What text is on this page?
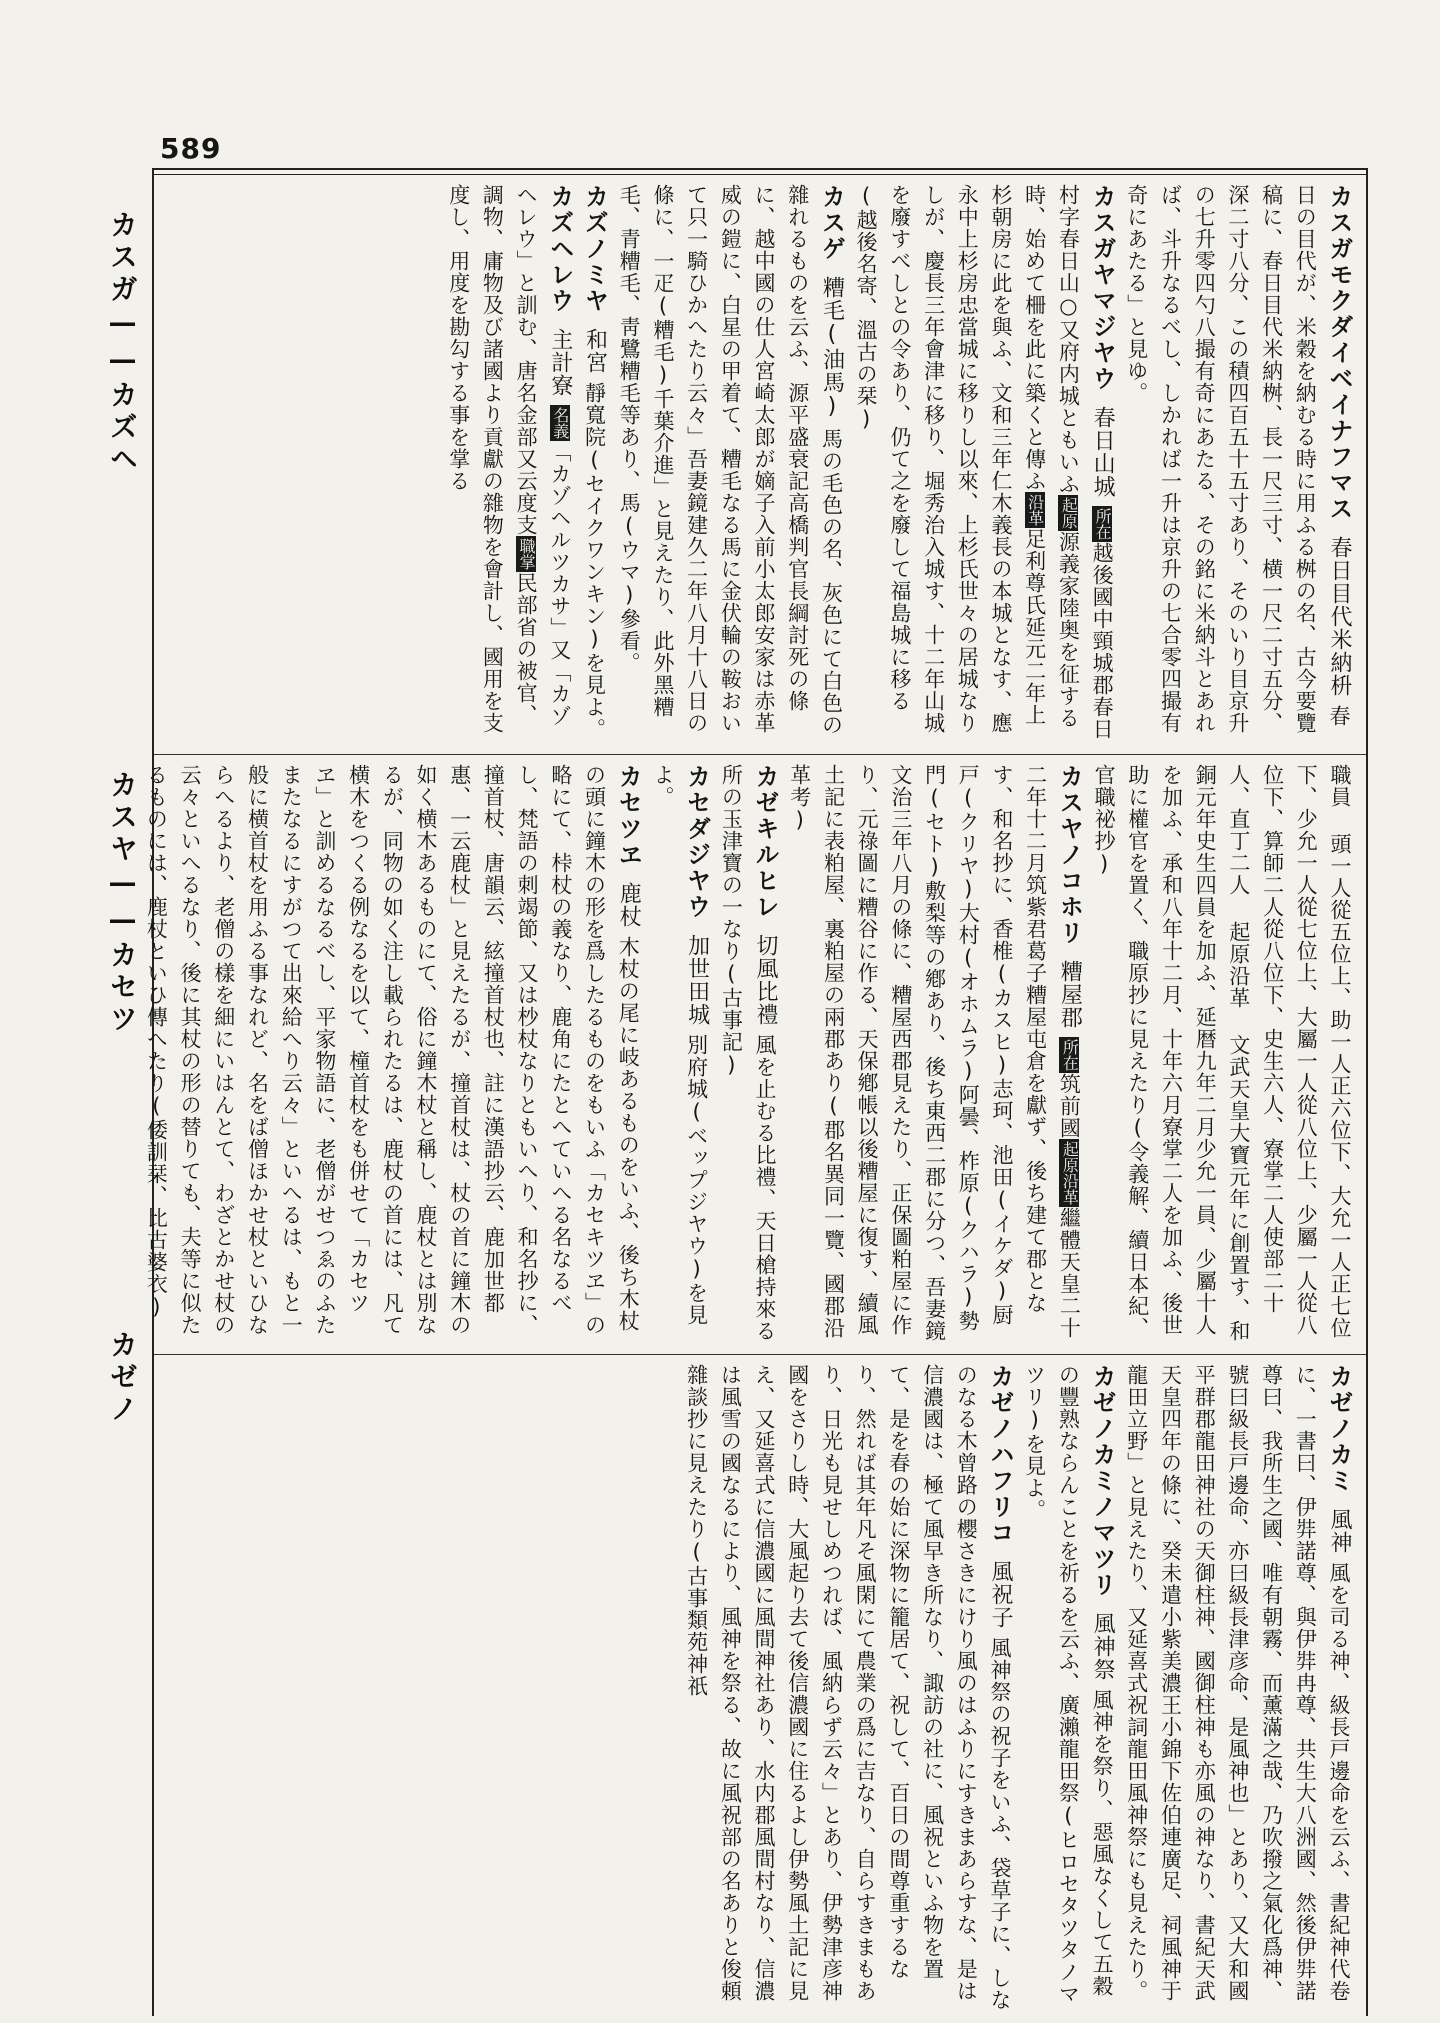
589
カスガ——カズヘ
カスヤ——カセツ
カゼノ
カスガモクダイベイナフマス春日目代米納枡春日の目代が、米穀を納むる時に用ふる桝の名、古今要覽稿に、春日目代米納桝、長一尺三寸、横一尺二寸五分、深二寸八分、この積四百五十五寸あり、そのいり目京升の七升零四勺八撮有奇にあたる、その銘に米納斗とあれば、斗升なるべし、しかれば一升は京升の七合零四撮有奇にあたる」と見ゆ。
カスガヤマジヤウ春日山城所在越後國中頸城郡春日村字春日山○又府内城ともいふ起原源義家陸奥を征する時、始めて柵を此に築くと傳ふ沿革足利尊氏延元二年上杉朝房に此を與ふ、文和三年仁木義長の本城となす、應永中上杉房忠當城に移りし以來、上杉氏世々の居城なりしが、慶長三年會津に移り、堀秀治入城す、十二年山城を廢すべしとの令あり、仍て之を廢して福島城に移る(越後名寄、溫古の栞)
カスゲ糟毛(油馬)馬の毛色の名、灰色にて白色の雜れるものを云ふ、源平盛衰記高橋判官長綱討死の條に、越中國の仕人宮崎太郎が嫡子入前小太郎安家は赤革威の鎧に、白星の甲着て、糟毛なる馬に金伏輪の鞍おいて只一騎ひかへたり云々」吾妻鏡建久二年八月十八日の條に、一疋(糟毛)千葉介進」と見えたり、此外黑糟毛、青糟毛、靑鷺糟毛等あり、馬(ウマ)參看。
カズノミヤ和宮靜寬院(セイクワンキン)を見よ。
カズヘレウ主計寮名義「カゾヘルツカサ」又「カゾヘレウ」と訓む、唐名金部又云度支職掌民部省の被官、調物、庸物及び諸國より貢獻の雜物を會計し、國用を支度し、用度を勘勾する事を掌る
職員 頭一人從五位上、助一人正六位下、大允一人正七位下、少允一人從七位上、大屬一人從八位上、少屬一人從八位下、算師二人從八位下、史生六人、寮掌二人使部二十人、直丁二人 起原沿革 文武天皇大寶元年に創置す、和銅元年史生四員を加ふ、延暦九年二月少允一員、少屬十人を加ふ、承和八年十二月、十年六月寮掌二人を加ふ、後世助に權官を置く、職原抄に見えたり(令義解、續日本紀、官職祕抄)
カスヤノコホリ糟屋郡所在筑前國起原沿革繼體天皇二十二年十二月筑紫君葛子糟屋屯倉を獻ず、後ち建て郡となす、和名抄に、香椎(カスヒ)志珂、池田(イケダ)厨戸(クリヤ)大村(オホムラ)阿曇、柞原(クハラ)勢門(セト)敷梨等の鄕あり、後ち東西二郡に分つ、吾妻鏡文治三年八月の條に、糟屋西郡見えたり、正保圖粕屋に作り、元祿圖に糟谷に作る、天保鄕帳以後糟屋に復す、續風土記に表粕屋、裏粕屋の兩郡あり(郡名異同一覽、國郡沿革考)
カゼキルヒレ切風比禮風を止むる比禮、天日槍持來る所の玉津寶の一なり(古事記)
カセダジヤウ加世田城別府城(ベップジヤウ)を見よ。
カセツヱ鹿杖木杖の尾に岐あるものをいふ、後ち木杖の頭に鐘木の形を爲したるものをもいふ「カセキツヱ」の略にて、桛杖の義なり、鹿角にたとへていへる名なるべし、梵語の刺竭節、又は杪杖なりともいへり、和名抄に、撞首杖、唐韻云、絃撞首杖也、註に漢語抄云、鹿加世都惠、一云鹿杖」と見えたるが、撞首杖は、杖の首に鐘木の如く横木あるものにて、俗に鐘木杖と稱し、鹿杖とは別なるが、同物の如く注し載られたるは、鹿杖の首には、凡て横木をつくる例なるを以て、橦首杖をも併せて「カセツヱ」と訓めるなるべし、平家物語に、老僧がせつゑのふたまたなるにすがつて出來給へり云々」といへるは、もと一般に横首杖を用ふる事なれど、名をば僧ほかせ杖といひならへるより、老僧の樣を細にいはんとて、わざとかせ杖の云々といへるなり、後に其杖の形の替りても、夫等に似たるものには、鹿杖といひ傳へたり(倭訓栞、比古婆衣)
カゼノカミ風神風を司る神、級長戸邊命を云ふ、書紀神代卷に、一書曰、伊弉諾尊、與伊弉冉尊、共生大八洲國、然後伊弉諾尊曰、我所生之國、唯有朝霧、而薰滿之哉、乃吹撥之氣化爲神、號曰級長戸邊命、亦曰級長津彦命、是風神也」とあり、又大和國平群郡龍田神社の天御柱神、國御柱神も亦風の神なり、書紀天武天皇四年の條に、癸未遣小紫美濃王小錦下佐伯連廣足、祠風神于龍田立野」と見えたり、又延喜式祝詞龍田風神祭にも見えたり。
カゼノカミノマツリ風神祭風神を祭り、惡風なくして五穀の豐熟ならんことを祈るを云ふ、廣瀨龍田祭(ヒロセタツタノマツリ)を見よ。
カゼノハフリコ風祝子風神祭の祝子をいふ、袋草子に、しなのなる木曾路の櫻さきにけり風のはふりにすきまあらすな、是は信濃國は、極て風早き所なり、諏訪の社に、風祝といふ物を置て、是を春の始に深物に籠居て、祝して、百日の間尊重するなり、然れば其年凡そ風閑にて農業の爲に吉なり、自らすきまもあり、日光も見せしめつれば、風納らず云々」とあり、伊勢津彦神國をさりし時、大風起り去て後信濃國に住るよし伊勢風土記に見え、又延喜式に信濃國に風間神社あり、水内郡風間村なり、信濃は風雪の國なるにより、風神を祭る、故に風祝部の名ありと俊頼雜談抄に見えたり(古事類苑神祇
